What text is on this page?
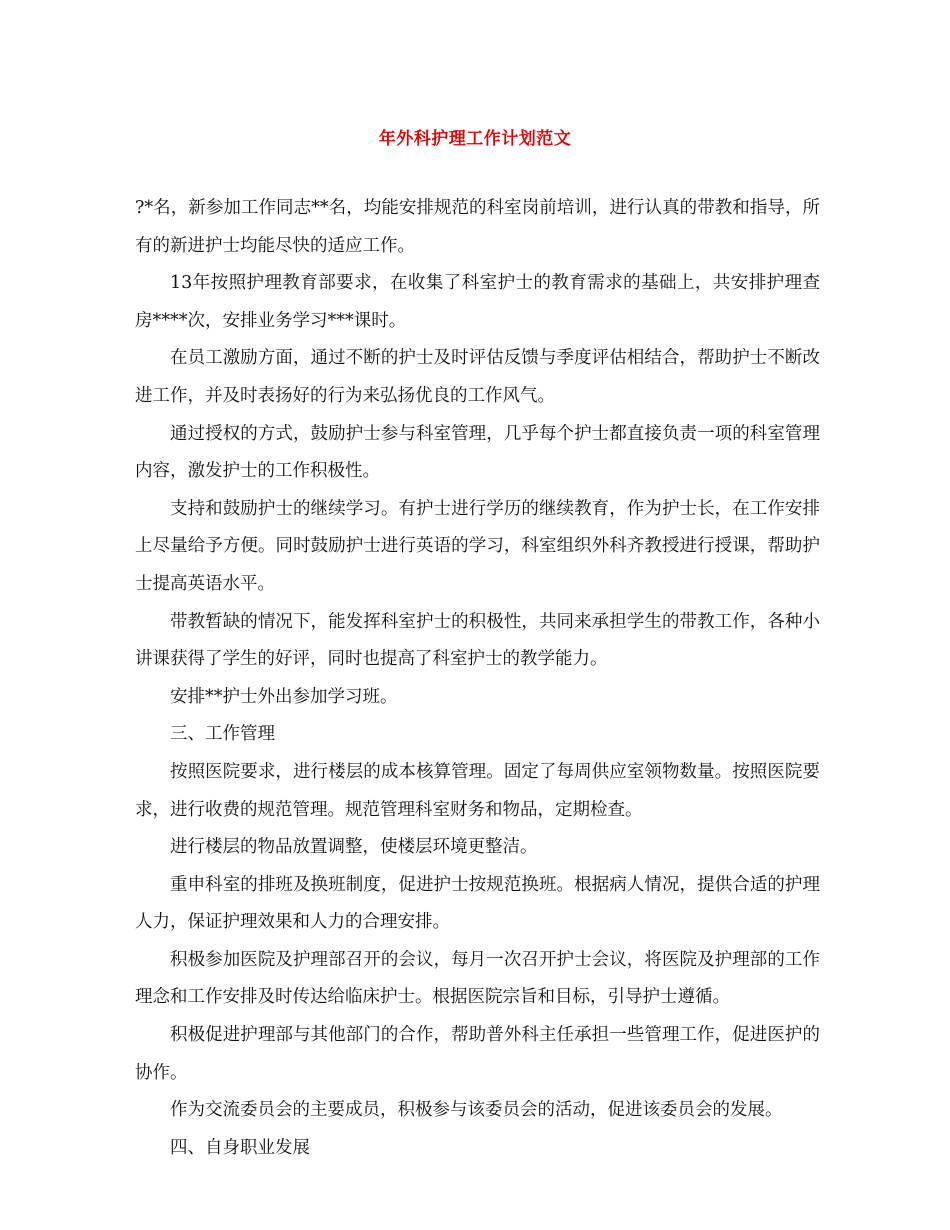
年外科护理工作计划范文

?*名，新参加工作同志**名，均能安排规范的科室岗前培训，进行认真的带教和指导，所有的新进护士均能尽快的适应工作。

13年按照护理教育部要求，在收集了科室护士的教育需求的基础上，共安排护理查房****次，安排业务学习***课时。

在员工激励方面，通过不断的护士及时评估反馈与季度评估相结合，帮助护士不断改进工作，并及时表扬好的行为来弘扬优良的工作风气。

通过授权的方式，鼓励护士参与科室管理，几乎每个护士都直接负责一项的科室管理内容，激发护士的工作积极性。

支持和鼓励护士的继续学习。有护士进行学历的继续教育，作为护士长，在工作安排上尽量给予方便。同时鼓励护士进行英语的学习，科室组织外科齐教授进行授课，帮助护士提高英语水平。

带教暂缺的情况下，能发挥科室护士的积极性，共同来承担学生的带教工作，各种小讲课获得了学生的好评，同时也提高了科室护士的教学能力。

安排**护士外出参加学习班。

三、工作管理

按照医院要求，进行楼层的成本核算管理。固定了每周供应室领物数量。按照医院要求，进行收费的规范管理。规范管理科室财务和物品，定期检查。

进行楼层的物品放置调整，使楼层环境更整洁。

重申科室的排班及换班制度，促进护士按规范换班。根据病人情况，提供合适的护理人力，保证护理效果和人力的合理安排。

积极参加医院及护理部召开的会议，每月一次召开护士会议，将医院及护理部的工作理念和工作安排及时传达给临床护士。根据医院宗旨和目标，引导护士遵循。

积极促进护理部与其他部门的合作，帮助普外科主任承担一些管理工作，促进医护的协作。

作为交流委员会的主要成员，积极参与该委员会的活动，促进该委员会的发展。

四、自身职业发展
